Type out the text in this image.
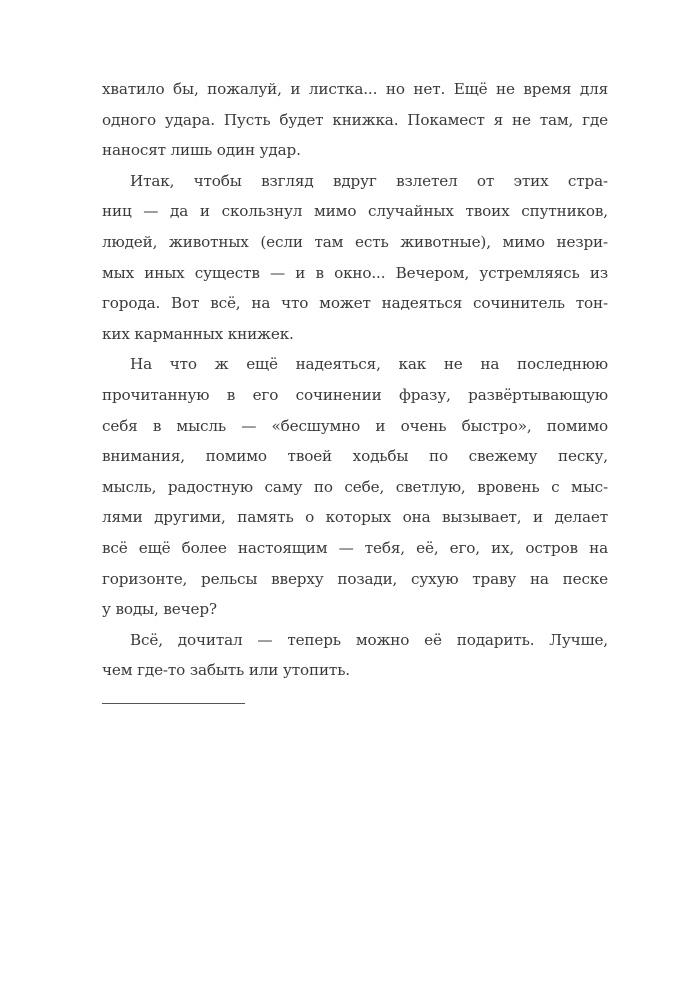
хватило бы, пожалуй, и листка... но нет. Ещё не время для
одного удара. Пусть будет книжка. Покамест я не там, где
наносят лишь один удар.
Итак, чтобы взгляд вдруг взлетел от этих стра-
ниц — да и скользнул мимо случайных твоих спутников,
людей, животных (если там есть животные), мимо незри-
мых иных существ — и в окно... Вечером, устремляясь из
города. Вот всё, на что может надеяться сочинитель тон-
ких карманных книжек.
На что ж ещё надеяться, как не на последнюю
прочитанную в его сочинении фразу, развёртывающую
себя в мысль — «бесшумно и очень быстро», помимо
внимания, помимо твоей ходьбы по свежему песку,
мысль, радостную саму по себе, светлую, вровень с мыс-
лями другими, память о которых она вызывает, и делает
всё ещё более настоящим — тебя, её, его, их, остров на
горизонте, рельсы вверху позади, сухую траву на песке
у воды, вечер?
Всё, дочитал — теперь можно её подарить. Лучше,
чем где-то забыть или утопить.
